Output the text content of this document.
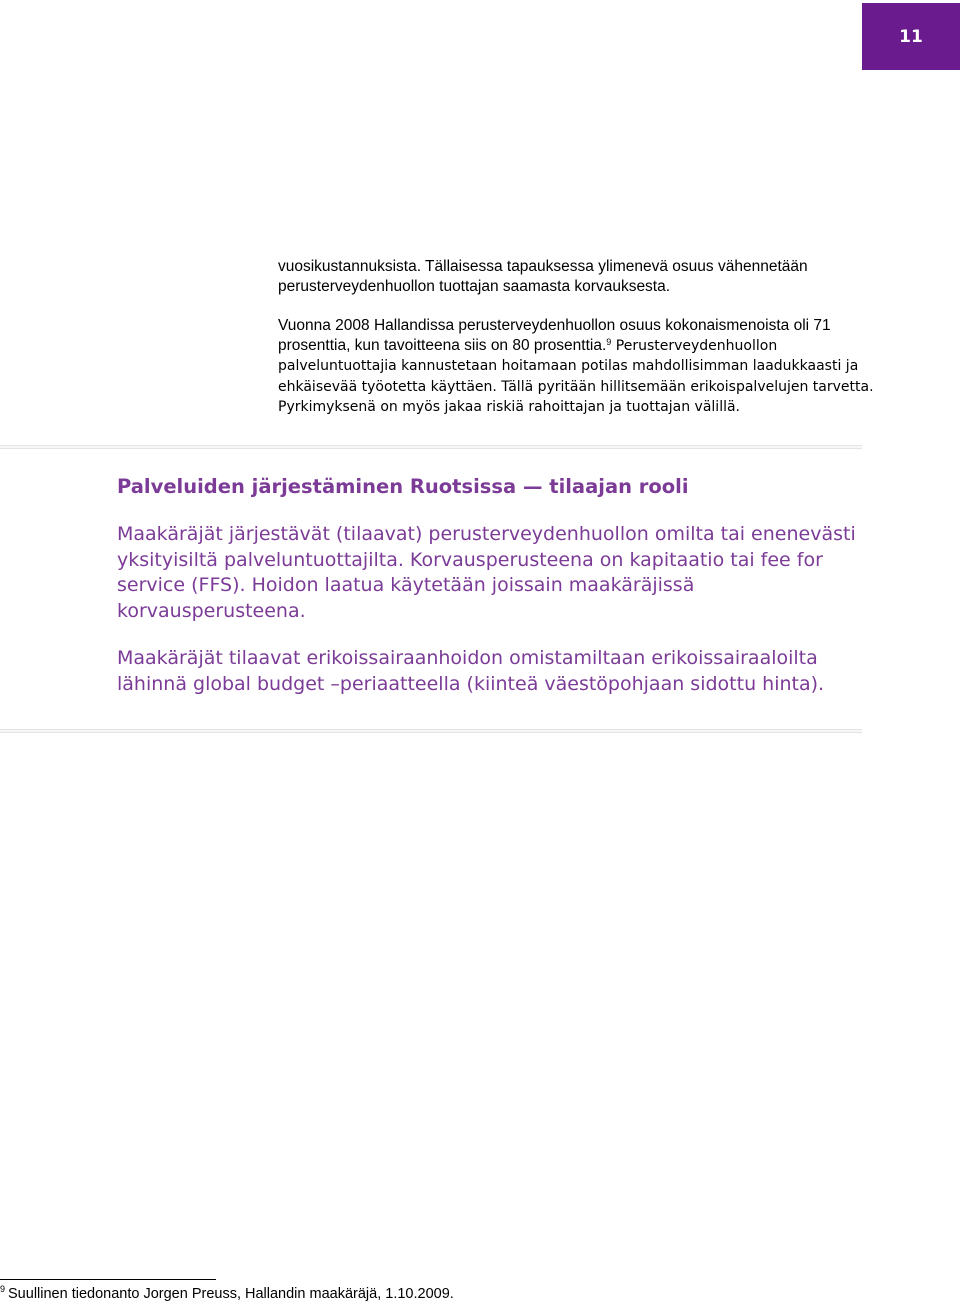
11

vuosikustannuksista. Tällaisessa tapauksessa ylimenevä osuus vähennetään
perusterveydenhuollon tuottajan saamasta korvauksesta.

Vuonna 2008 Hallandissa perusterveydenhuollon osuus kokonaismenoista oli 71 prosenttia, kun tavoitteena siis on 80 prosenttia.$^9$ Perusterveydenhuollon palveluntuottajia kannustetaan hoitamaan potilas mahdollisimman laadukkaasti ja ehkäisevää työotetta käyttäen. Tällä pyritään hillitsemään erikoispalvelujen tarvetta. Pyrkimyksenä on myös jakaa riskiä rahoittajan ja tuottajan välillä.

Palveluiden järjestäminen Ruotsissa — tilaajan rooli

Maakäräjät järjestävät (tilaavat) perusterveydenhuollon omilta tai enenevästi yksityisiltä palveluntuottajilta. Korvausperusteena on kapitaatio tai fee for service (FFS). Hoidon laatua käytetään joissain maakäräjissä korvausperusteena.

Maakäräjät tilaavat erikoissairaanhoidon omistamiltaan erikoissairaaloilta lähinnä global budget –periaatteella (kiinteä väestöpohjaan sidottu hinta).

$^9$ Suullinen tiedonanto Jorgen Preuss, Hallandin maakäräjä, 1.10.2009.
